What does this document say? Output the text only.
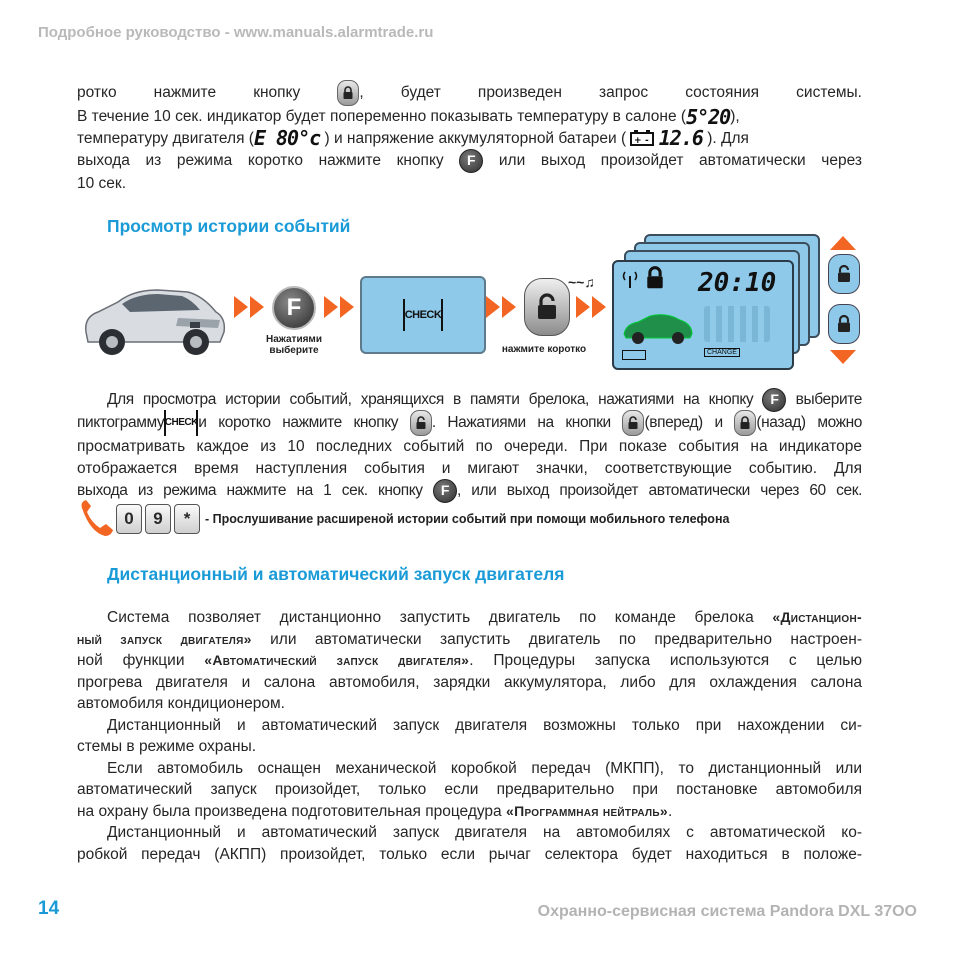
Подробное руководство - www.manuals.alarmtrade.ru
ротко нажмите кнопку	, будет произведен запрос состояния системы.
В течение 10 сек. индикатор будет попеременно показывать температуру в салоне (5°20),
температуру двигателя (E 80°c ) и напряжение аккумуляторной батареи ( + - 12.6 ). Для
выхода из режима коротко нажмите кнопку F или выход произойдет автоматически через
10 сек.
Просмотр истории событий
F
Нажатиями выберите
CHECK
нажмите коротко
~~♫	20:10
CHANGE
Для просмотра истории событий, хранящихся в памяти брелока, нажатиями на кнопку F выберите
пиктограммуCHECKи коротко нажмите кнопку . Нажатиями на кнопки (вперед) и (назад) можно
просматривать каждое из 10 последних событий по очереди. При показе события на индикаторе
отображается время наступления события и мигают значки, соответствующие событию. Для
выхода из режима нажмите на 1 сек. кнопку F , или выход произойдет автоматически через 60 сек.
0	9	*	- Прослушивание расширеной истории событий при помощи мобильного телефона
Дистанционный и автоматический запуск двигателя
Система позволяет дистанционно запустить двигатель по команде брелока «Дистанцион-
ный запуск двигателя» или автоматически запустить двигатель по предварительно настроен-
ной функции «Автоматический запуск двигателя». Процедуры запуска используются с целью
прогрева двигателя и салона автомобиля, зарядки аккумулятора, либо для охлаждения салона
автомобиля кондиционером.
Дистанционный и автоматический запуск двигателя возможны только при нахождении си-
стемы в режиме охраны.
Если автомобиль оснащен механической коробкой передач (МКПП), то дистанционный или
автоматический запуск произойдет, только если предварительно при постановке автомобиля
на охрану была произведена подготовительная процедура «Программная нейтраль».
Дистанционный и автоматический запуск двигателя на автомобилях с автоматической ко-
робкой передач (АКПП) произойдет, только если рычаг селектора будет находиться в положе-
14	Охранно-сервисная система Pandora DXL 37OO
